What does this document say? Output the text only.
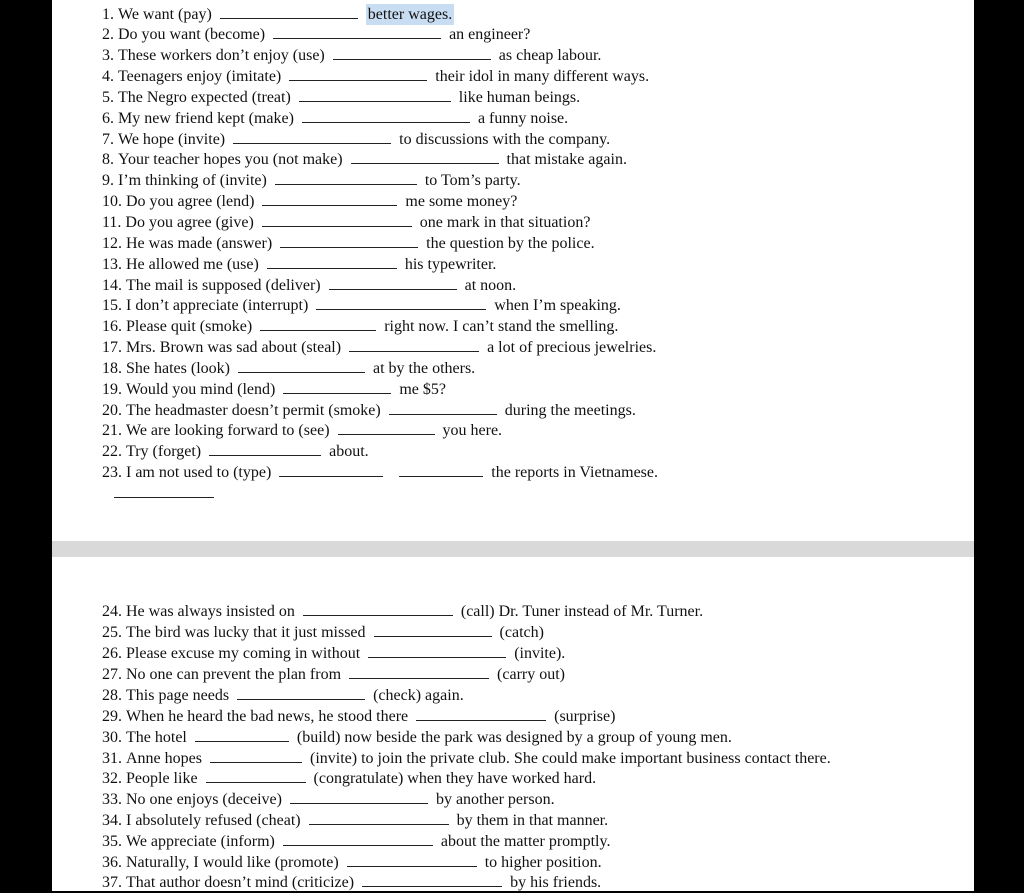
1. We want (pay)	better wages.
2. Do you want (become)	an engineer?
3. These workers don’t enjoy (use)	as cheap labour.
4. Teenagers enjoy (imitate)	their idol in many different ways.
5. The Negro expected (treat)	like human beings.
6. My new friend kept (make)	a funny noise.
7. We hope (invite)	to discussions with the company.
8. Your teacher hopes you (not make)	that mistake again.
9. I’m thinking of (invite)	to Tom’s party.
10. Do you agree (lend)	me some money?
11. Do you agree (give)	one mark in that situation?
12. He was made (answer)	the question by the police.
13. He allowed me (use)	his typewriter.
14. The mail is supposed (deliver)	at noon.
15. I don’t appreciate (interrupt)	when I’m speaking.
16. Please quit (smoke)	right now. I can’t stand the smelling.
17. Mrs. Brown was sad about (steal)	a lot of precious jewelries.
18. She hates (look)	at by the others.
19. Would you mind (lend)	me $5?
20. The headmaster doesn’t permit (smoke)	during the meetings.
21. We are looking forward to (see)	you here.
22. Try (forget)	about.
23. I am not used to (type)	the reports in Vietnamese.

24. He was always insisted on	(call) Dr. Tuner instead of Mr. Turner.
25. The bird was lucky that it just missed	(catch)
26. Please excuse my coming in without	(invite).
27. No one can prevent the plan from	(carry out)
28. This page needs	(check) again.
29. When he heard the bad news, he stood there	(surprise)
30. The hotel	(build) now beside the park was designed by a group of young men.
31. Anne hopes	(invite) to join the private club. She could make important business contact there.
32. People like	(congratulate) when they have worked hard.
33. No one enjoys (deceive)	by another person.
34. I absolutely refused (cheat)	by them in that manner.
35. We appreciate (inform)	about the matter promptly.
36. Naturally, I would like (promote)	to higher position.
37. That author doesn’t mind (criticize)	by his friends.
